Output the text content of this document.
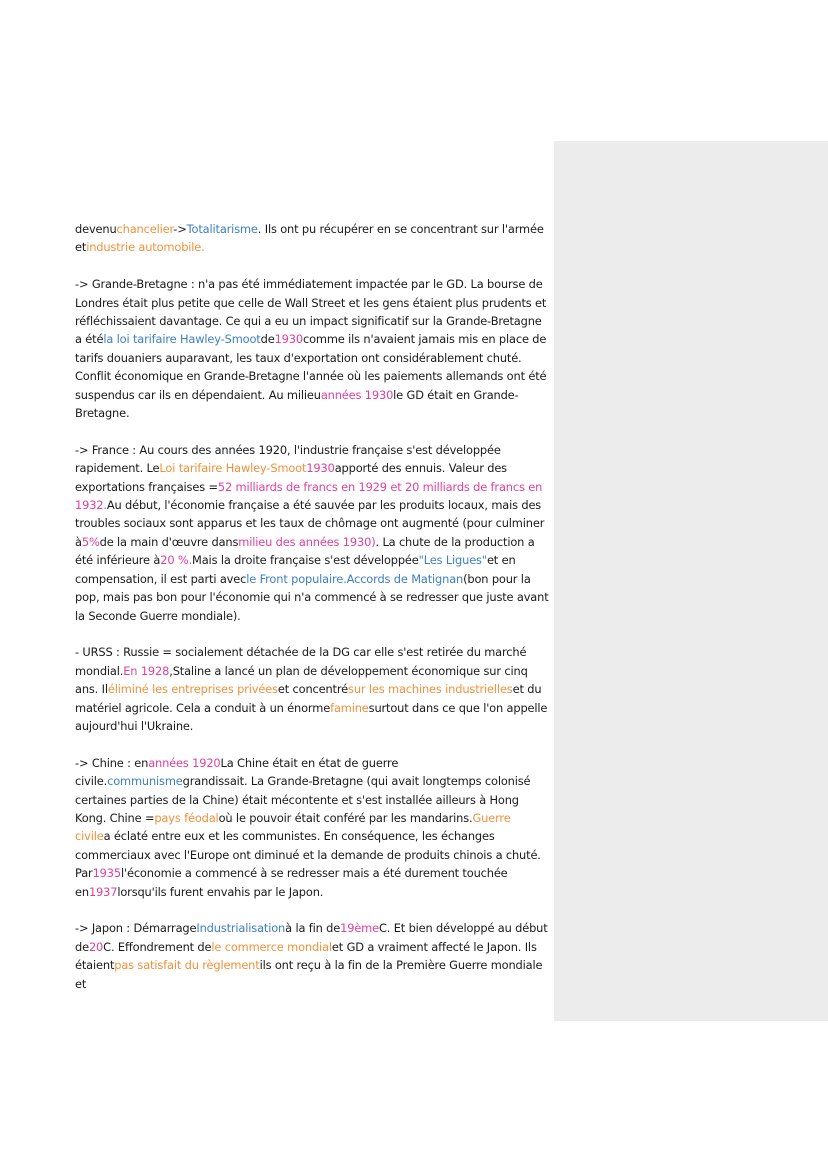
devenuchancelier->Totalitarisme. Ils ont pu récupérer en se concentrant sur l'armée etindustrie automobile.

-> Grande-Bretagne : n'a pas été immédiatement impactée par le GD. La bourse de Londres était plus petite que celle de Wall Street et les gens étaient plus prudents et réfléchissaient davantage. Ce qui a eu un impact significatif sur la Grande-Bretagne a étéla loi tarifaire Hawley-Smootde1930comme ils n'avaient jamais mis en place de tarifs douaniers auparavant, les taux d'exportation ont considérablement chuté. Conflit économique en Grande-Bretagne l'année où les paiements allemands ont été suspendus car ils en dépendaient. Au milieuannées 1930le GD était en Grande-Bretagne.

-> France : Au cours des années 1920, l'industrie française s'est développée rapidement. LeLoi tarifaire Hawley-Smoot1930apporté des ennuis. Valeur des exportations françaises =52 milliards de francs en 1929 et 20 milliards de francs en 1932.Au début, l'économie française a été sauvée par les produits locaux, mais des troubles sociaux sont apparus et les taux de chômage ont augmenté (pour culminer à5%de la main d'œuvre dansmilieu des années 1930). La chute de la production a été inférieure à20 %.Mais la droite française s'est développée"Les Ligues"et en compensation, il est parti avecle Front populaire.Accords de Matignan(bon pour la pop, mais pas bon pour l'économie qui n'a commencé à se redresser que juste avant la Seconde Guerre mondiale).

- URSS : Russie = socialement détachée de la DG car elle s'est retirée du marché mondial.En 1928,Staline a lancé un plan de développement économique sur cinq ans. Iléliminé les entreprises privéeset concentrésur les machines industrielleset du matériel agricole. Cela a conduit à un énormefaminesurtout dans ce que l'on appelle aujourd'hui l'Ukraine.

-> Chine : enannées 1920La Chine était en état de guerre civile.communismegrandissait. La Grande-Bretagne (qui avait longtemps colonisé certaines parties de la Chine) était mécontente et s'est installée ailleurs à Hong Kong. Chine =pays féodaloù le pouvoir était conféré par les mandarins.Guerre civilea éclaté entre eux et les communistes. En conséquence, les échanges commerciaux avec l'Europe ont diminué et la demande de produits chinois a chuté. Par1935l'économie a commencé à se redresser mais a été durement touchée en1937lorsqu'ils furent envahis par le Japon.

-> Japon : DémarrageIndustrialisationà la fin de19èmeC. Et bien développé au début de20C. Effondrement dele commerce mondialet GD a vraiment affecté le Japon. Ils étaientpas satisfait du règlementils ont reçu à la fin de la Première Guerre mondiale et
